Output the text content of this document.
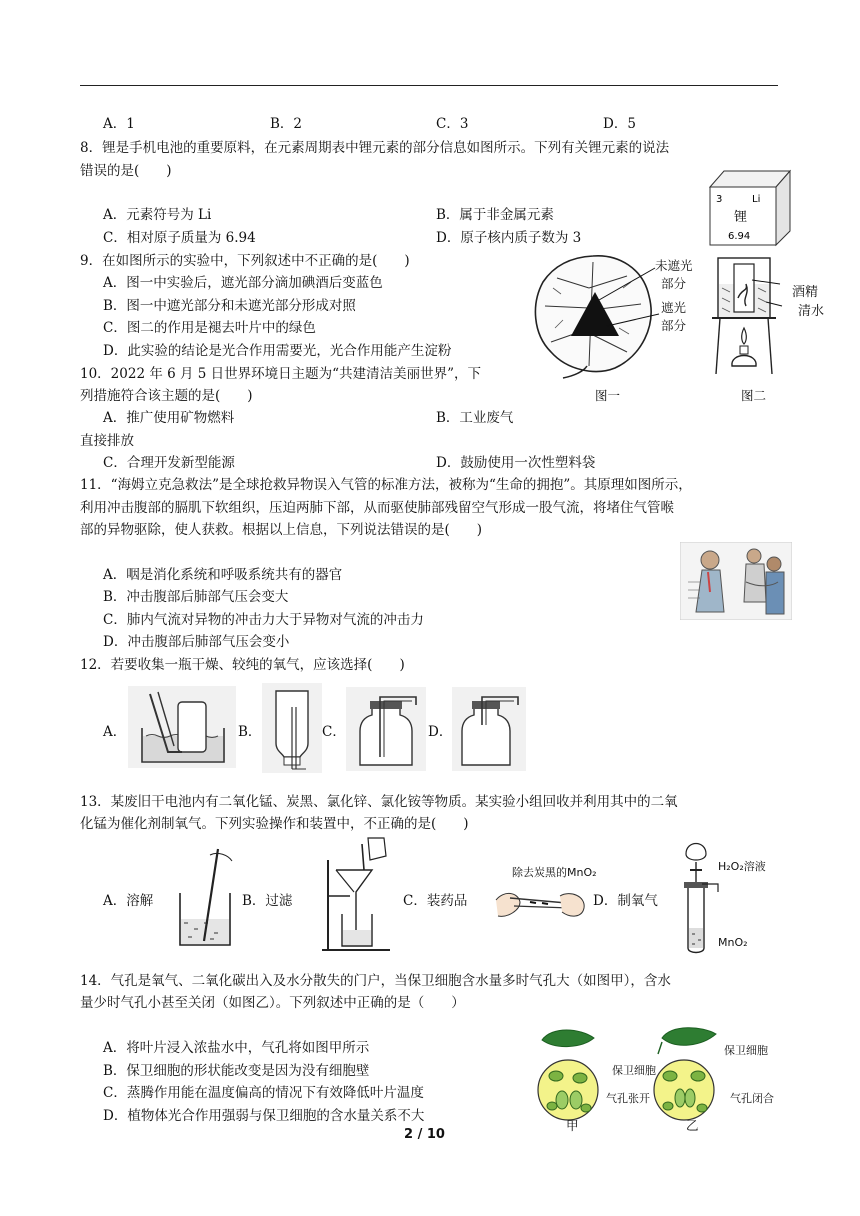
A．1	B．2	C．3	D．5
8．锂是手机电池的重要原料，在元素周期表中锂元素的部分信息如图所示。下列有关锂元素的说法
错误的是(　　)
A．元素符号为 Li	B．属于非金属元素
C．相对原子质量为 6.94	D．原子核内质子数为 3
3	Li
锂
6.94
9．在如图所示的实验中，下列叙述中不正确的是(　　)
A．图一中实验后，遮光部分滴加碘酒后变蓝色
B．图一中遮光部分和未遮光部分形成对照
C．图二的作用是褪去叶片中的绿色
D．此实验的结论是光合作用需要光，光合作用能产生淀粉
未遮光
部分
遮光
部分
图一
酒精
清水
图二
10．2022 年 6 月 5 日世界环境日主题为“共建清洁美丽世界”，下
列措施符合该主题的是(　　)
A．推广使用矿物燃料	B．工业废气
直接排放
C．合理开发新型能源	D．鼓励使用一次性塑料袋
11．“海姆立克急救法”是全球抢救异物误入气管的标准方法，被称为“生命的拥抱”。其原理如图所示，
利用冲击腹部的膈肌下软组织，压迫两肺下部，从而驱使肺部残留空气形成一股气流，将堵住气管喉
部的异物驱除，使人获救。根据以上信息，下列说法错误的是(　　)
A．咽是消化系统和呼吸系统共有的器官
B．冲击腹部后肺部气压会变大
C．肺内气流对异物的冲击力大于异物对气流的冲击力
D．冲击腹部后肺部气压会变小
12．若要收集一瓶干燥、较纯的氧气，应该选择(　　)
A．	B．	C．	D．
13．某废旧干电池内有二氧化锰、炭黑、氯化锌、氯化铵等物质。某实验小组回收并利用其中的二氧
化锰为催化剂制氧气。下列实验操作和装置中，不正确的是(　　)
A．溶解	B．过滤	C．装药品	D．制氧气
除去炭黑的MnO₂	H₂O₂溶液
MnO₂
14．气孔是氧气、二氧化碳出入及水分散失的门户，当保卫细胞含水量多时气孔大（如图甲），含水
量少时气孔小甚至关闭（如图乙）。下列叙述中正确的是（　　）
A．将叶片浸入浓盐水中，气孔将如图甲所示
B．保卫细胞的形状能改变是因为没有细胞壁
C．蒸腾作用能在温度偏高的情况下有效降低叶片温度
D．植物体光合作用强弱与保卫细胞的含水量关系不大
保卫细胞
保卫细胞
气孔张开	气孔闭合
甲	乙
2 / 10
